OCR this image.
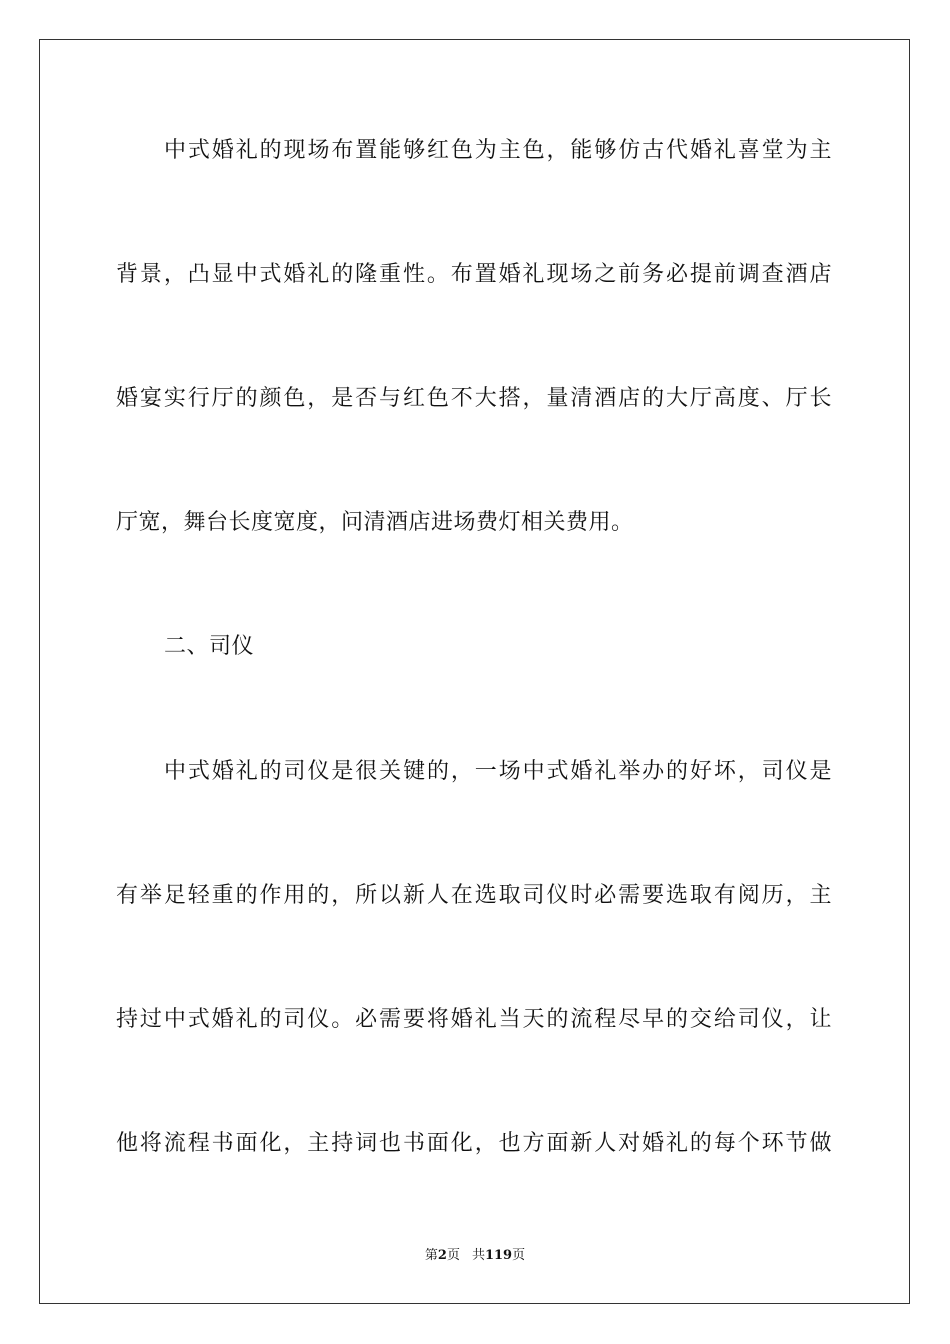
中式婚礼的现场布置能够红色为主色，能够仿古代婚礼喜堂为主
背景，凸显中式婚礼的隆重性。布置婚礼现场之前务必提前调查酒店
婚宴实行厅的颜色，是否与红色不大搭，量清酒店的大厅高度、厅长
厅宽，舞台长度宽度，问清酒店进场费灯相关费用。
二、司仪
中式婚礼的司仪是很关键的，一场中式婚礼举办的好坏，司仪是
有举足轻重的作用的，所以新人在选取司仪时必需要选取有阅历，主
持过中式婚礼的司仪。必需要将婚礼当天的流程尽早的交给司仪，让
他将流程书面化，主持词也书面化，也方面新人对婚礼的每个环节做
第2页 共119页
